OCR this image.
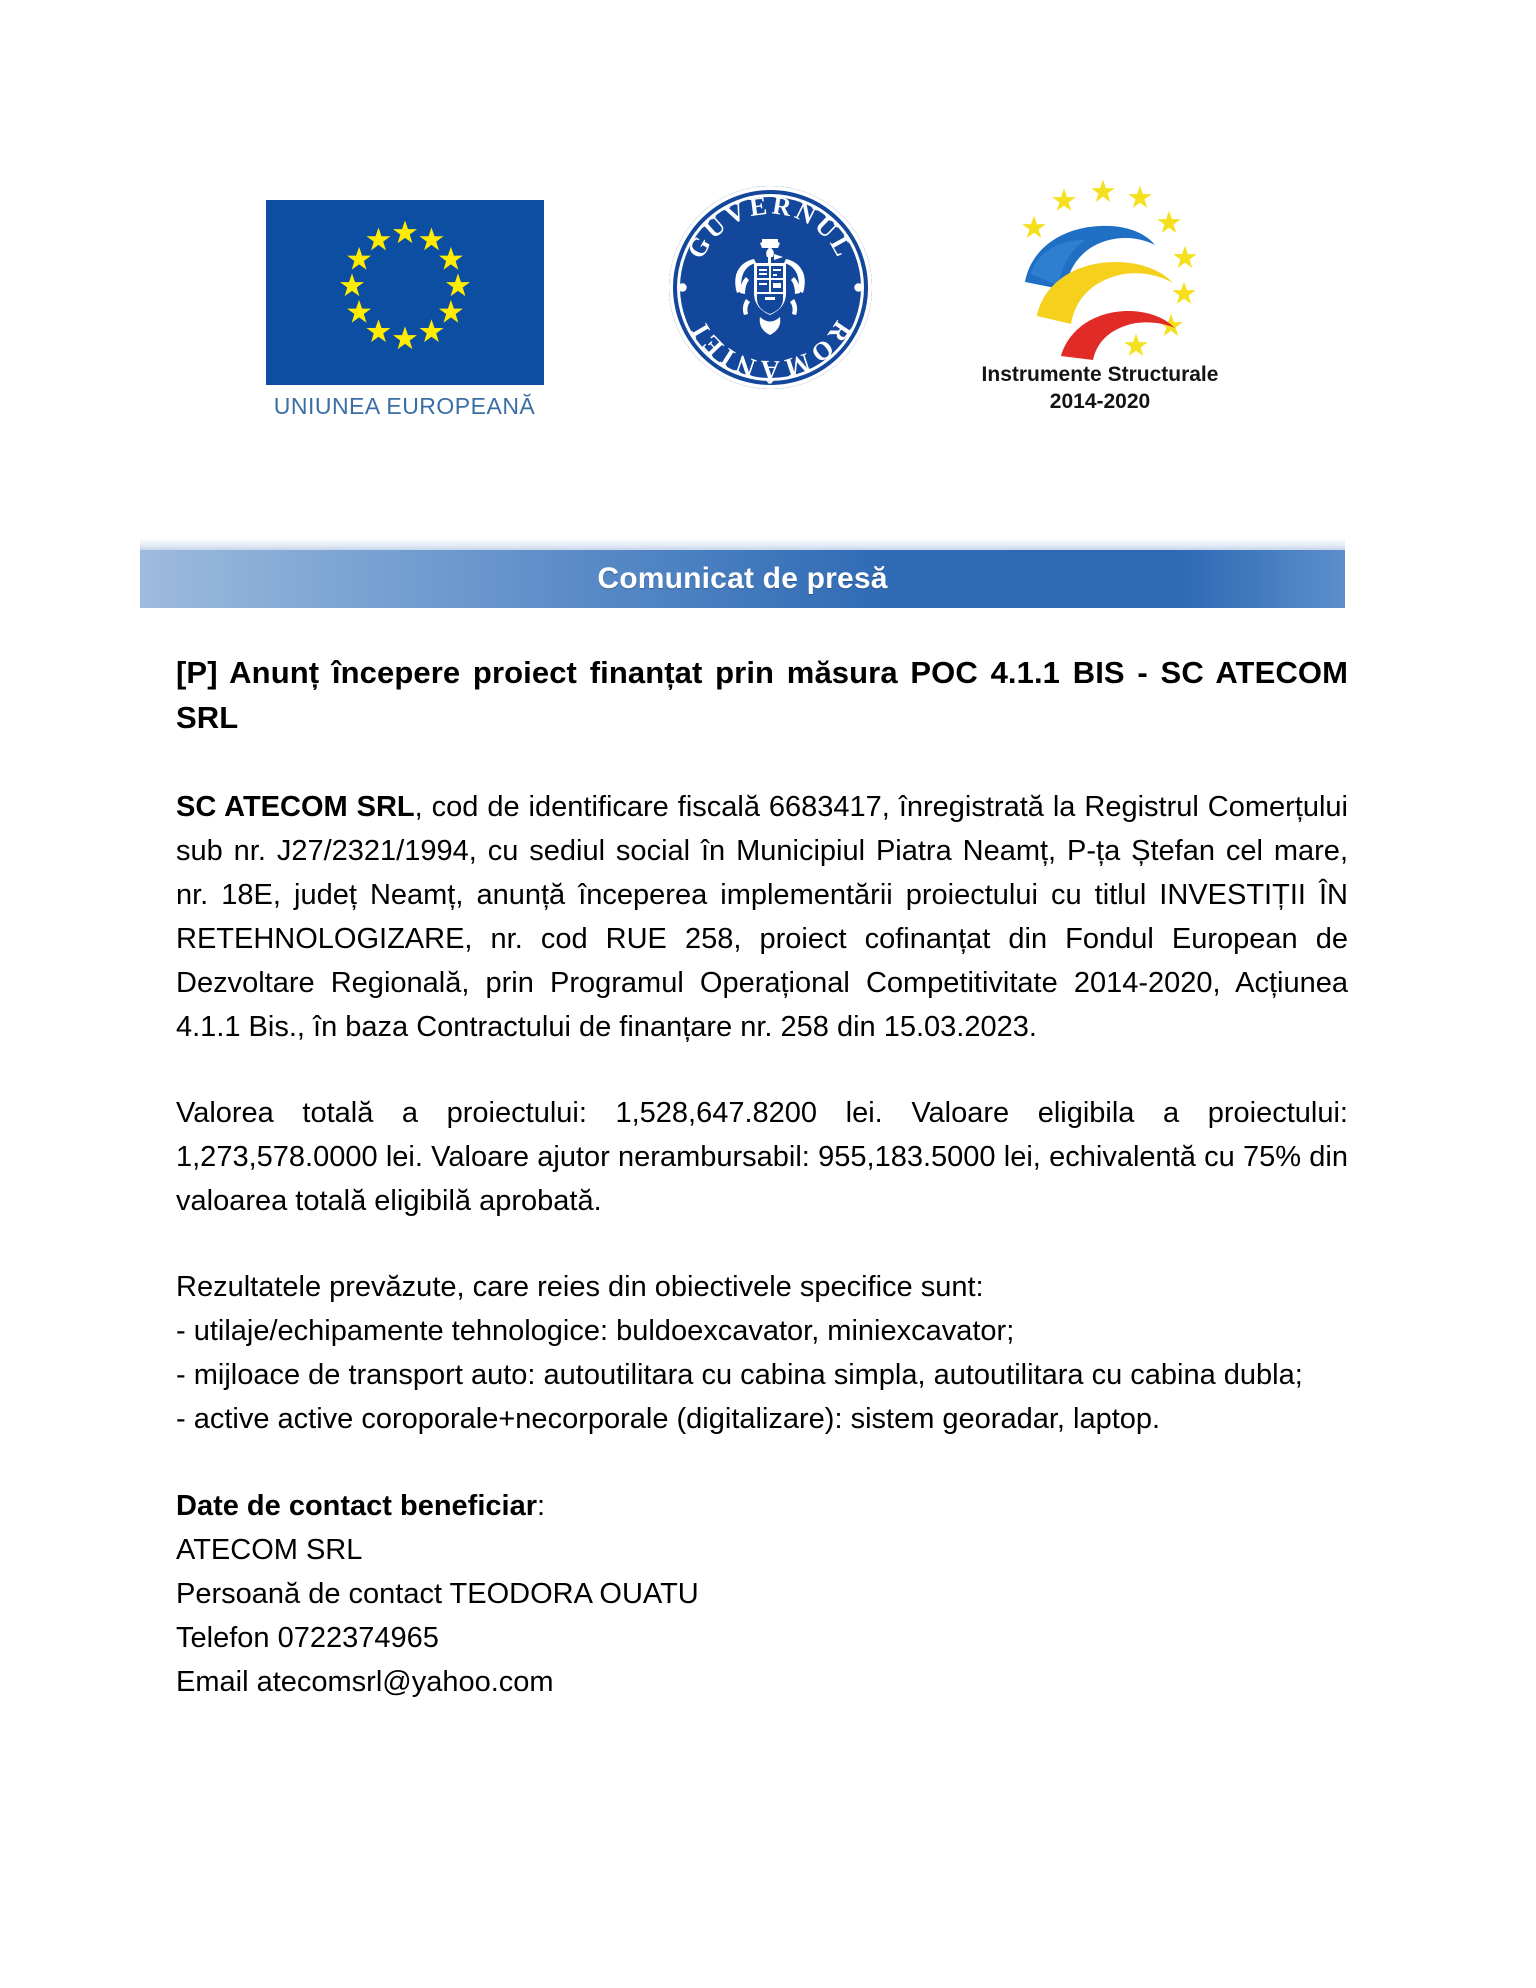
UNIUNEA EUROPEANĂ
GUVERNUL
ROMÂNIEI
Instrumente Structurale
2014-2020
Comunicat de presă
[P] Anunț începere proiect finanțat prin măsura POC 4.1.1 BIS - SC ATECOM SRL

SC ATECOM SRL, cod de identificare fiscală 6683417, înregistrată la Registrul Comerțului sub nr. J27/2321/1994, cu sediul social în Municipiul Piatra Neamț, P-ța Ștefan cel mare, nr. 18E, județ Neamț, anunță începerea implementării proiectului cu titlul INVESTIȚII ÎN RETEHNOLOGIZARE, nr. cod RUE 258, proiect cofinanțat din Fondul European de Dezvoltare Regională, prin Programul Operațional Competitivitate 2014-2020, Acțiunea 4.1.1 Bis., în baza Contractului de finanțare nr. 258 din 15.03.2023.

Valorea totală a proiectului: 1,528,647.8200 lei. Valoare eligibila a proiectului: 1,273,578.0000 lei. Valoare ajutor nerambursabil: 955,183.5000 lei, echivalentă cu 75% din valoarea totală eligibilă aprobată.

Rezultatele prevăzute, care reies din obiectivele specifice sunt:
- utilaje/echipamente tehnologice: buldoexcavator, miniexcavator;
- mijloace de transport auto: autoutilitara cu cabina simpla, autoutilitara cu cabina dubla;
- active active coroporale+necorporale (digitalizare): sistem georadar, laptop.
Date de contact beneficiar:
ATECOM SRL
Persoană de contact TEODORA OUATU
Telefon 0722374965
Email atecomsrl@yahoo.com
